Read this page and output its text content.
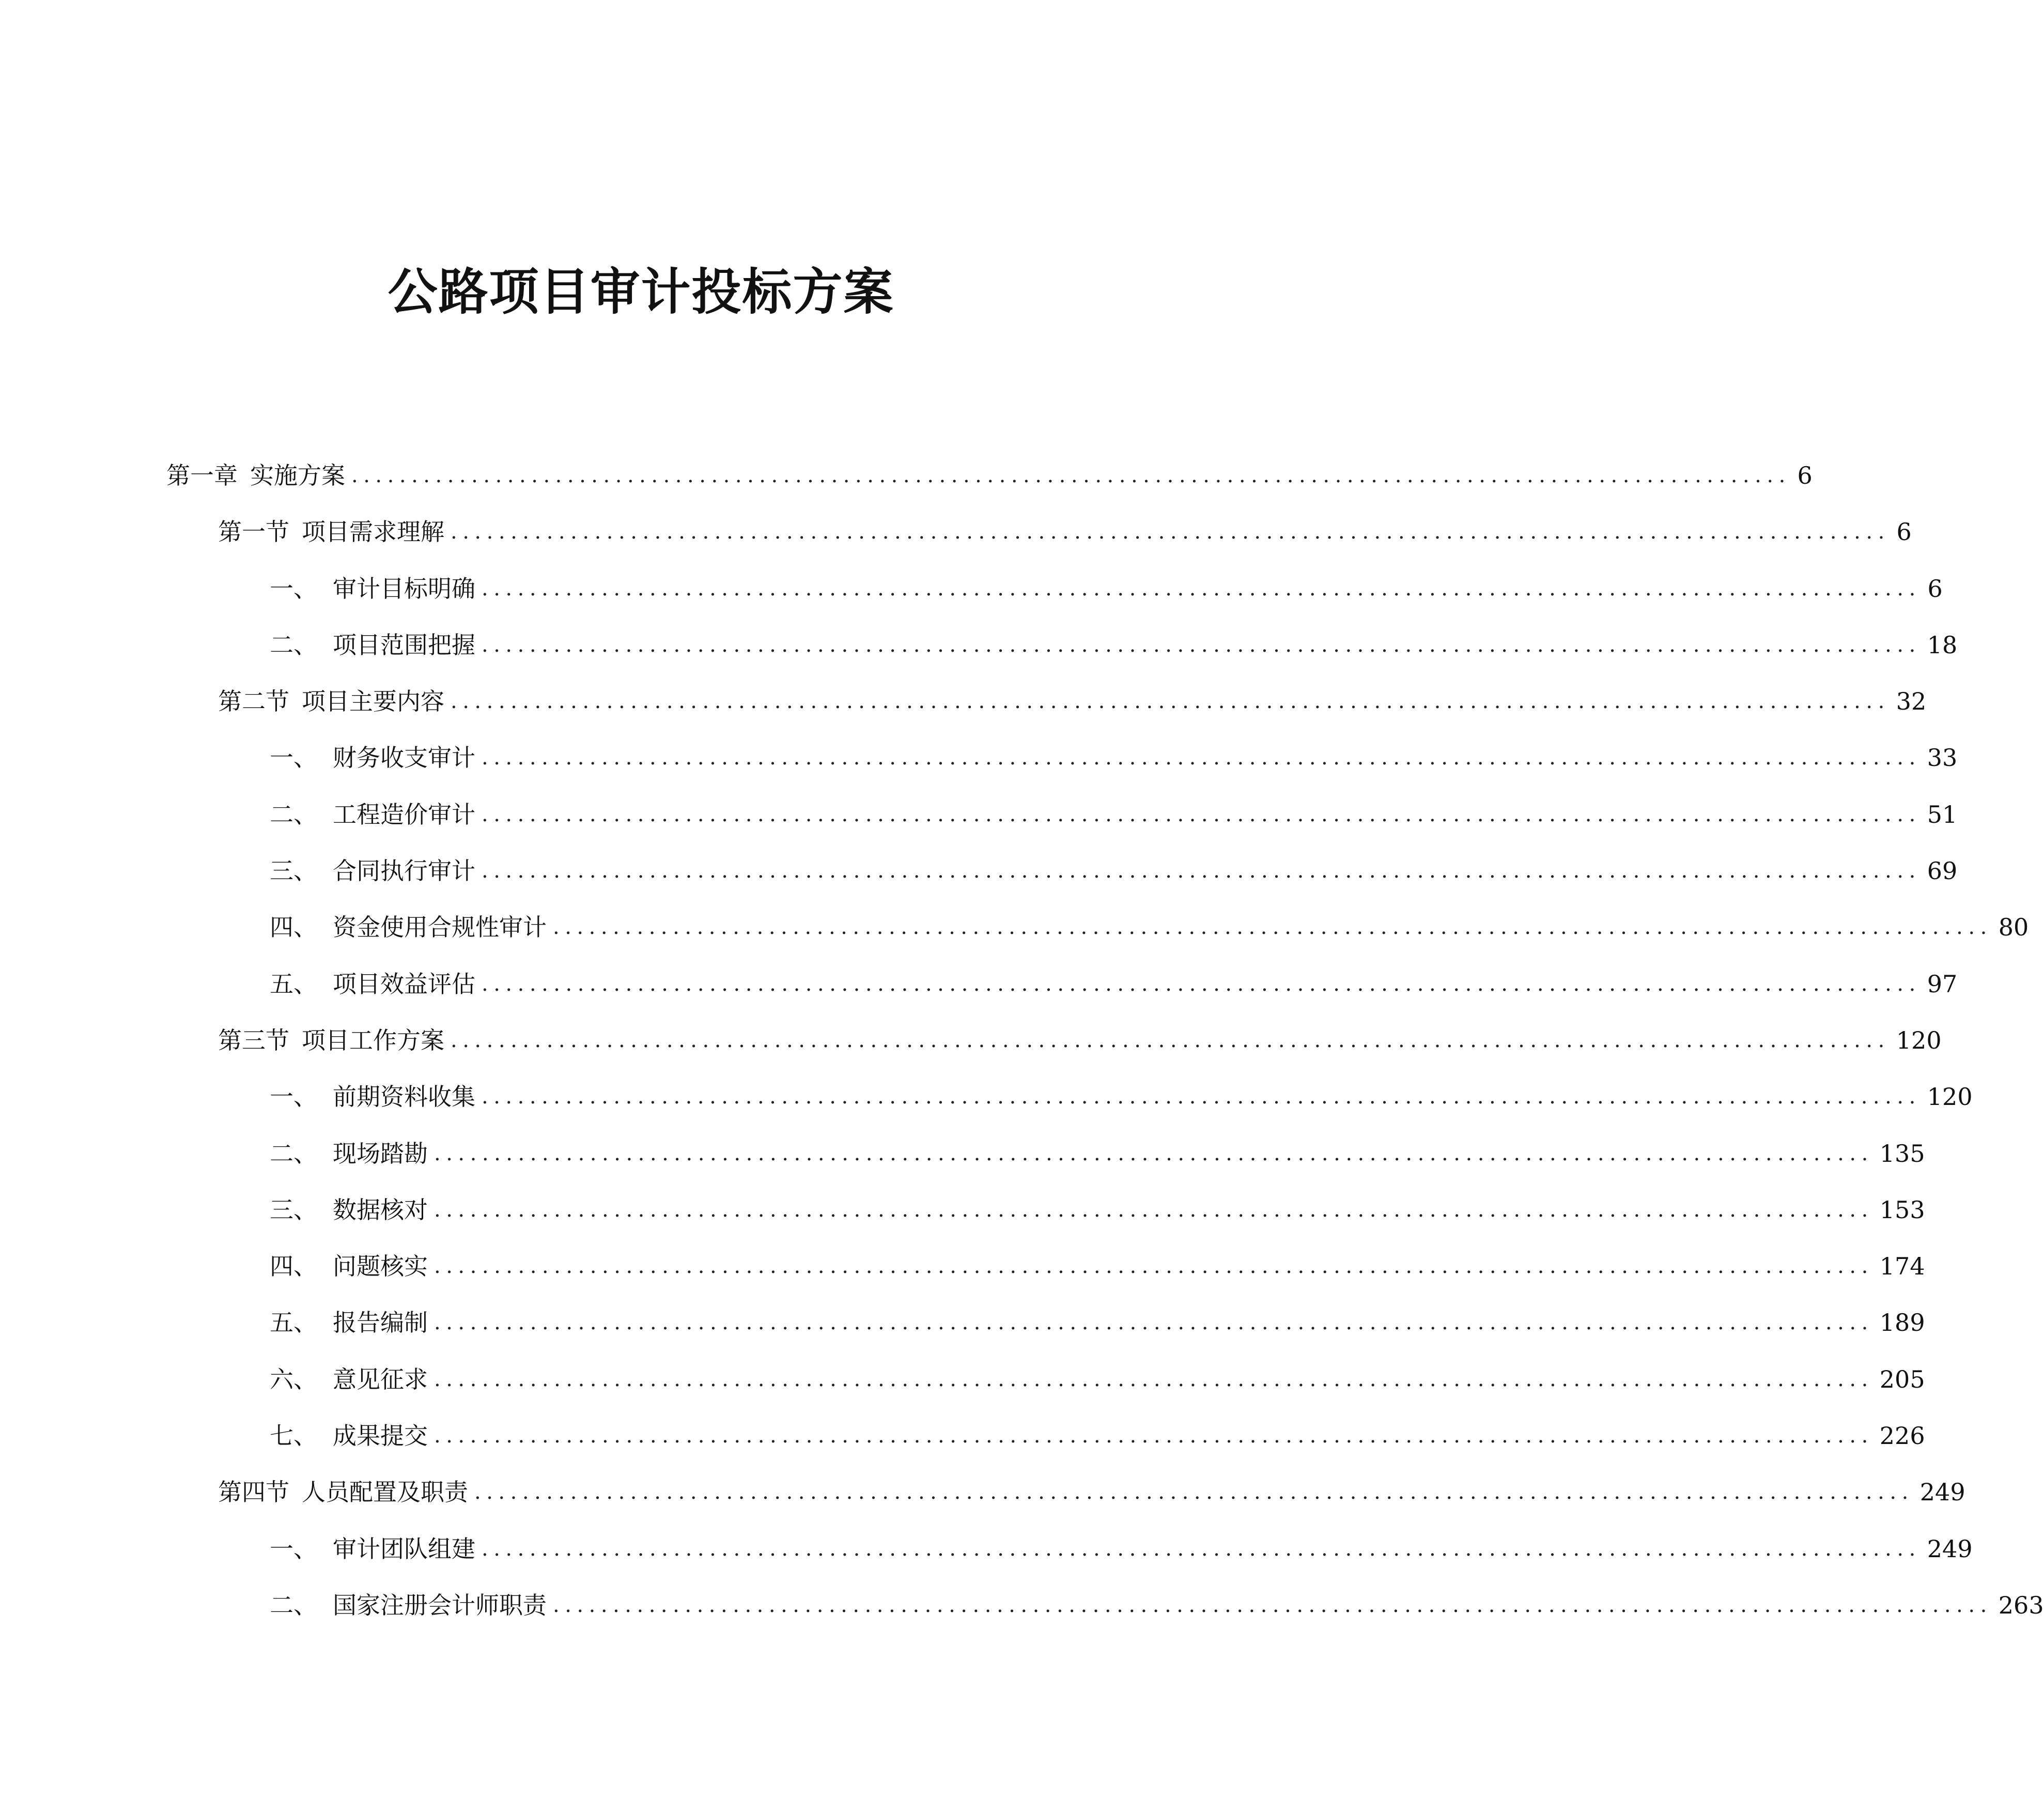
公路项目审计投标方案
第一章 实施方案 ........................................................................................................................ 6
第一节 项目需求理解 ........................................................................................................................ 6
一、 审计目标明确 ........................................................................................................................ 6
二、 项目范围把握 ........................................................................................................................ 18
第二节 项目主要内容 ........................................................................................................................ 32
一、 财务收支审计 ........................................................................................................................ 33
二、 工程造价审计 ........................................................................................................................ 51
三、 合同执行审计 ........................................................................................................................ 69
四、 资金使用合规性审计 ........................................................................................................................ 80
五、 项目效益评估 ........................................................................................................................ 97
第三节 项目工作方案 ........................................................................................................................ 120
一、 前期资料收集 ........................................................................................................................ 120
二、 现场踏勘 ........................................................................................................................ 135
三、 数据核对 ........................................................................................................................ 153
四、 问题核实 ........................................................................................................................ 174
五、 报告编制 ........................................................................................................................ 189
六、 意见征求 ........................................................................................................................ 205
七、 成果提交 ........................................................................................................................ 226
第四节 人员配置及职责 ........................................................................................................................ 249
一、 审计团队组建 ........................................................................................................................ 249
二、 国家注册会计师职责 ........................................................................................................................ 263
